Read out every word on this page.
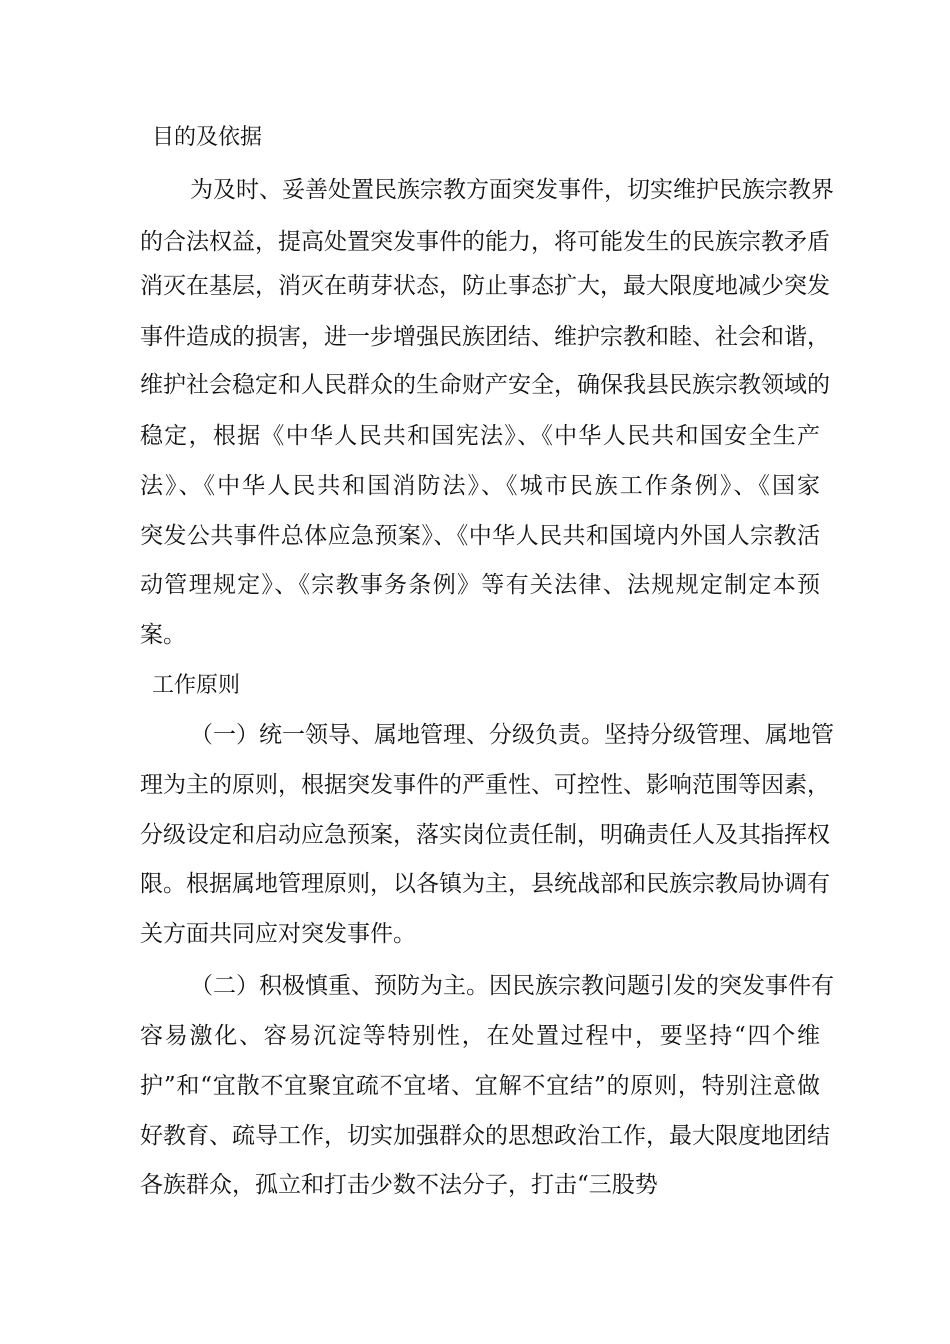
目的及依据
为及时、妥善处置民族宗教方面突发事件，切实维护民族宗教界
的合法权益，提高处置突发事件的能力，将可能发生的民族宗教矛盾
消灭在基层，消灭在萌芽状态，防止事态扩大，最大限度地减少突发
事件造成的损害，进一步增强民族团结、维护宗教和睦、社会和谐，
维护社会稳定和人民群众的生命财产安全，确保我县民族宗教领域的
稳定，根据《中华人民共和国宪法》、《中华人民共和国安全生产
法》、《中华人民共和国消防法》、《城市民族工作条例》、《国家
突发公共事件总体应急预案》、《中华人民共和国境内外国人宗教活
动管理规定》、《宗教事务条例》等有关法律、法规规定制定本预
案。
工作原则
（一）统一领导、属地管理、分级负责。坚持分级管理、属地管
理为主的原则，根据突发事件的严重性、可控性、影响范围等因素，
分级设定和启动应急预案，落实岗位责任制，明确责任人及其指挥权
限。根据属地管理原则，以各镇为主，县统战部和民族宗教局协调有
关方面共同应对突发事件。
（二）积极慎重、预防为主。因民族宗教问题引发的突发事件有
容易激化、容易沉淀等特别性，在处置过程中，要坚持“四个维
护”和“宜散不宜聚宜疏不宜堵、宜解不宜结”的原则，特别注意做
好教育、疏导工作，切实加强群众的思想政治工作，最大限度地团结
各族群众，孤立和打击少数不法分子，打击“三股势
